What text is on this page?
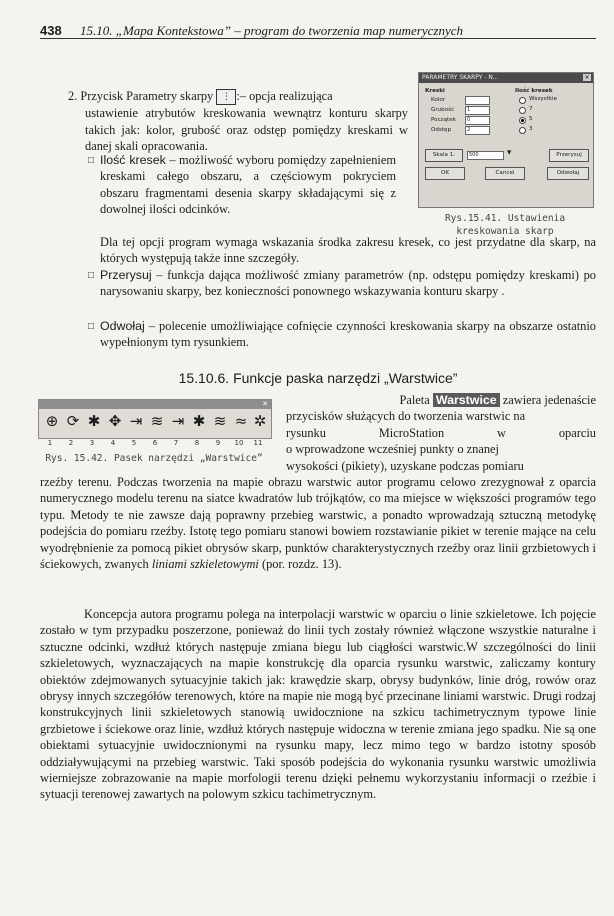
438 15.10. „Mapa Kontekstowa” – program do tworzenia map numerycznych

2. Przycisk Parametry skarpy ⋮ :– opcja realizująca

ustawienie atrybutów kreskowania wewnątrz konturu skarpy takich jak: kolor, grubość oraz odstęp pomiędzy kreskami w danej skali opracowania.

□ Ilość kresek – możliwość wyboru pomiędzy zapełnieniem kreskami całego obszaru, a częściowym pokryciem obszaru fragmentami desenia skarpy składającymi się z dowolnej ilości odcinków.

Dla tej opcji program wymaga wskazania środka zakresu kresek, co jest przydatne dla skarp, na których występują także inne szczegóły.

□ Przerysuj – funkcja dająca możliwość zmiany parametrów (np. odstępu pomiędzy kreskami) po narysowaniu skarpy, bez konieczności ponownego wskazywania konturu skarpy .

□ Odwołaj – polecenie umożliwiające cofnięcie czynności kreskowania skarpy na obszarze ostatnio wypełnionym tym rysunkiem.

PARAMETRY SKARPY - N...	×
Kreski	Ilość kresek
Kolor
Grubość	1
Początek	0
Odstęp	2
Wszystkie
7
5
3
Skala 1:	500	▼	Przerysuj
OK	Cancel	Odwołaj
Rys.15.41. Ustawienia kreskowania skarp
15.10.6. Funkcje paska narzędzi „Warstwice”
✕
⊕ ⟳ ✱ ✥ ⇥ ≋ ⇥ ✱ ≋ ≈ ✲
1	2	3	4	5	6	7	8	9	10	11
Rys. 15.42. Pasek narzędzi „Warstwice”

Paleta Warstwice zawiera jedenaście

przycisków służących do tworzenia warstwic na

rysunku MicroStation w oparciu

o wprowadzone wcześniej punkty o znanej

wysokości (pikiety), uzyskane podczas pomiaru

rzeźby terenu. Podczas tworzenia na mapie obrazu warstwic autor programu celowo zrezygnował z oparcia numerycznego modelu terenu na siatce kwadratów lub trójkątów, co ma miejsce w większości programów tego typu. Metody te nie zawsze dają poprawny przebieg warstwic, a ponadto wprowadzają sztuczną metodykę podejścia do pomiaru rzeźby. Istotę tego pomiaru stanowi bowiem rozstawianie pikiet w terenie mające na celu wyodrębnienie za pomocą pikiet obrysów skarp, punktów charakterystycznych rzeźby oraz linii grzbietowych i ściekowych, zwanych liniami szkieletowymi (por. rozdz. 13).

Koncepcja autora programu polega na interpolacji warstwic w oparciu o linie szkieletowe. Ich pojęcie zostało w tym przypadku poszerzone, ponieważ do linii tych zostały również włączone wszystkie naturalne i sztuczne odcinki, wzdłuż których następuje zmiana biegu lub ciągłości warstwic.W szczególności do linii szkieletowych, wyznaczających na mapie konstrukcję dla oparcia rysunku warstwic, zaliczamy kontury obiektów zdejmowanych sytuacyjnie takich jak: krawędzie skarp, obrysy budynków, linie dróg, rowów oraz obrysy innych szczegółów terenowych, które na mapie nie mogą być przecinane liniami warstwic. Drugi rodzaj konstrukcyjnych linii szkieletowych stanowią uwidocznione na szkicu tachimetrycznym typowe linie grzbietowe i ściekowe oraz linie, wzdłuż których następuje widoczna w terenie zmiana jego spadku. Nie są one obiektami sytuacyjnie uwidocznionymi na rysunku mapy, lecz mimo tego w bardzo istotny sposób oddziaływującymi na przebieg warstwic. Taki sposób podejścia do wykonania rysunku warstwic umożliwia wierniejsze zobrazowanie na mapie morfologii terenu dzięki pełnemu wykorzystaniu informacji o rzeźbie i sytuacji terenowej zawartych na polowym szkicu tachimetrycznym.
